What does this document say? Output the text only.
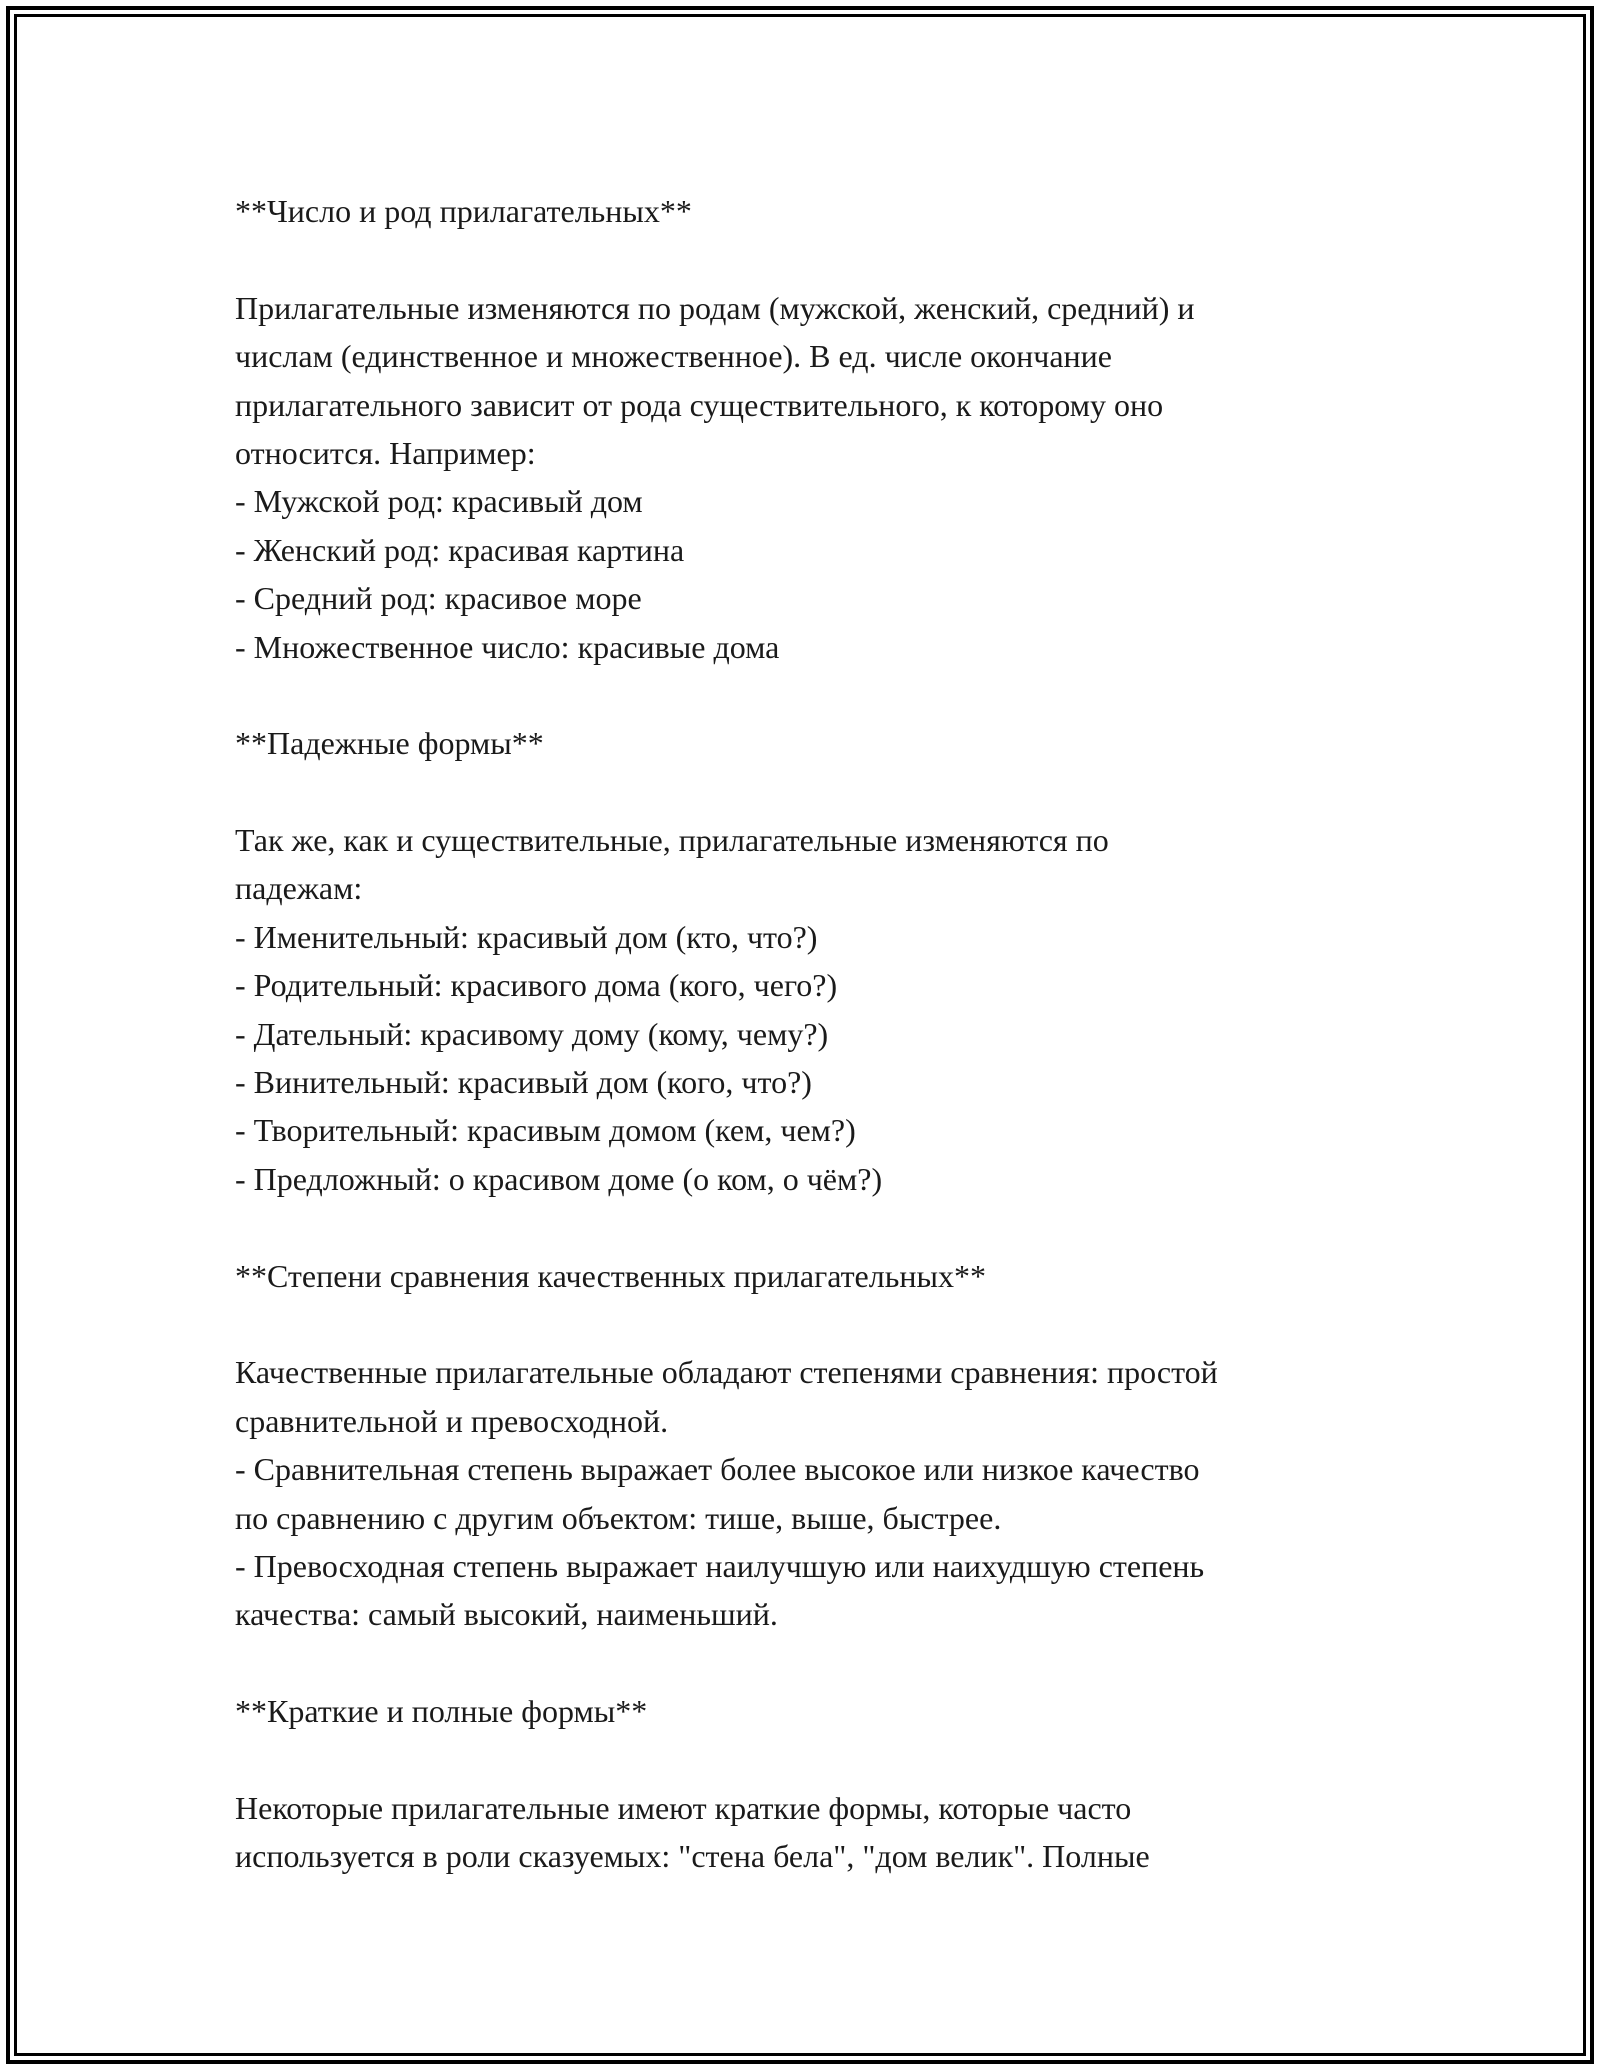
**Число и род прилагательных**
Прилагательные изменяются по родам (мужской, женский, средний) и
числам (единственное и множественное). В ед. числе окончание
прилагательного зависит от рода существительного, к которому оно
относится. Например:
- Мужской род: красивый дом
- Женский род: красивая картина
- Средний род: красивое море
- Множественное число: красивые дома
**Падежные формы**
Так же, как и существительные, прилагательные изменяются по
падежам:
- Именительный: красивый дом (кто, что?)
- Родительный: красивого дома (кого, чего?)
- Дательный: красивому дому (кому, чему?)
- Винительный: красивый дом (кого, что?)
- Творительный: красивым домом (кем, чем?)
- Предложный: о красивом доме (о ком, о чём?)
**Степени сравнения качественных прилагательных**
Качественные прилагательные обладают степенями сравнения: простой
сравнительной и превосходной.
- Сравнительная степень выражает более высокое или низкое качество
по сравнению с другим объектом: тише, выше, быстрее.
- Превосходная степень выражает наилучшую или наихудшую степень
качества: самый высокий, наименьший.
**Краткие и полные формы**
Некоторые прилагательные имеют краткие формы, которые часто
используется в роли сказуемых: "стена бела", "дом велик". Полные
